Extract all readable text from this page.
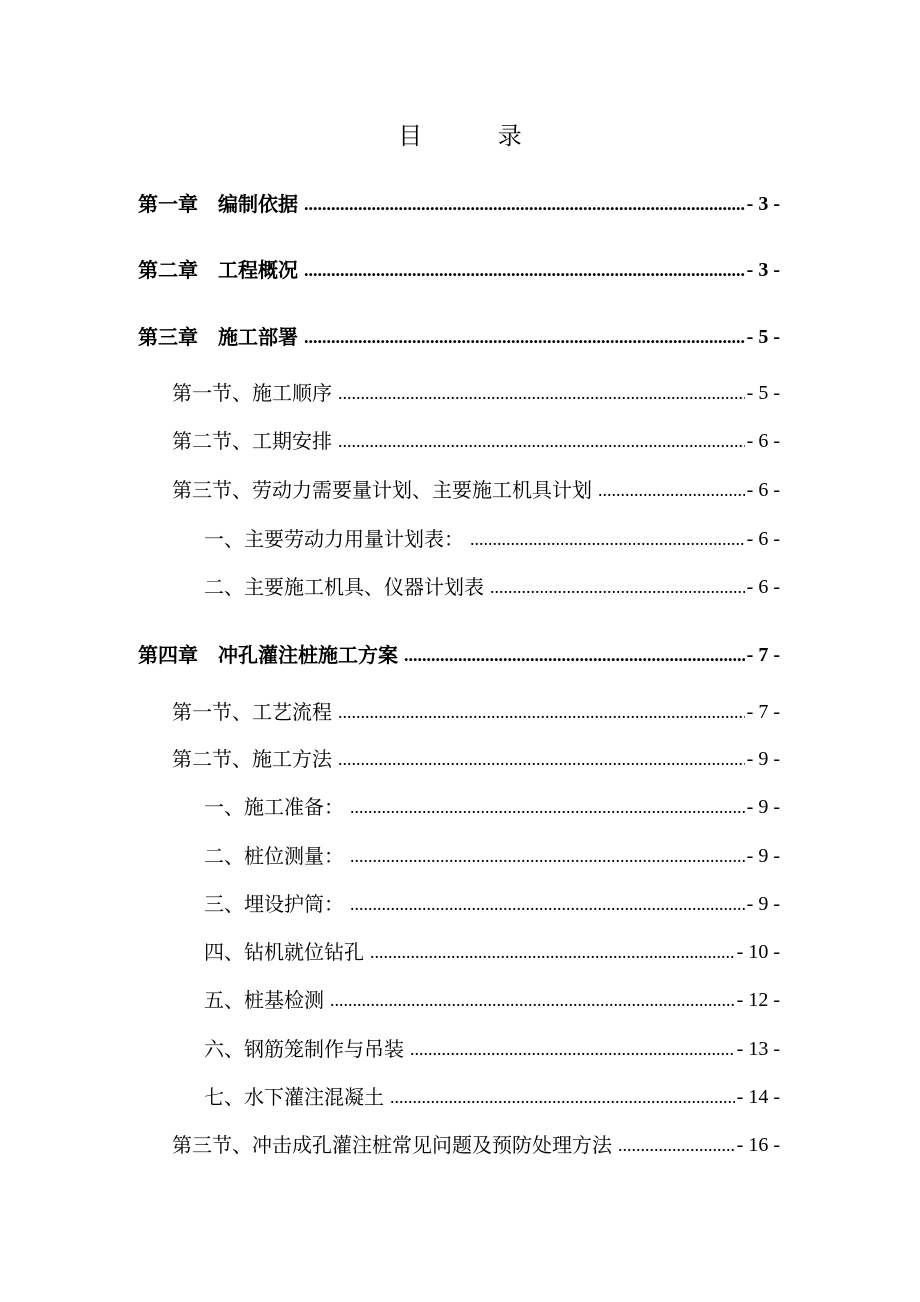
目 录
第一章　编制依据 .....	- 3 -
第二章　工程概况 .....	- 3 -
第三章　施工部署 .....	- 5 -
第一节、施工顺序 .....	- 5 -
第二节、工期安排 .....	- 6 -
第三节、劳动力需要量计划、主要施工机具计划 .....	- 6 -
一、主要劳动力用量计划表： .....	- 6 -
二、主要施工机具、仪器计划表 .....	- 6 -
第四章　冲孔灌注桩施工方案 .....	- 7 -
第一节、工艺流程 .....	- 7 -
第二节、施工方法 .....	- 9 -
一、施工准备： .....	- 9 -
二、桩位测量： .....	- 9 -
三、埋设护筒： .....	- 9 -
四、钻机就位钻孔 .....	- 10 -
五、桩基检测 .....	- 12 -
六、钢筋笼制作与吊装 .....	- 13 -
七、水下灌注混凝土 .....	- 14 -
第三节、冲击成孔灌注桩常见问题及预防处理方法 .....	- 16 -
